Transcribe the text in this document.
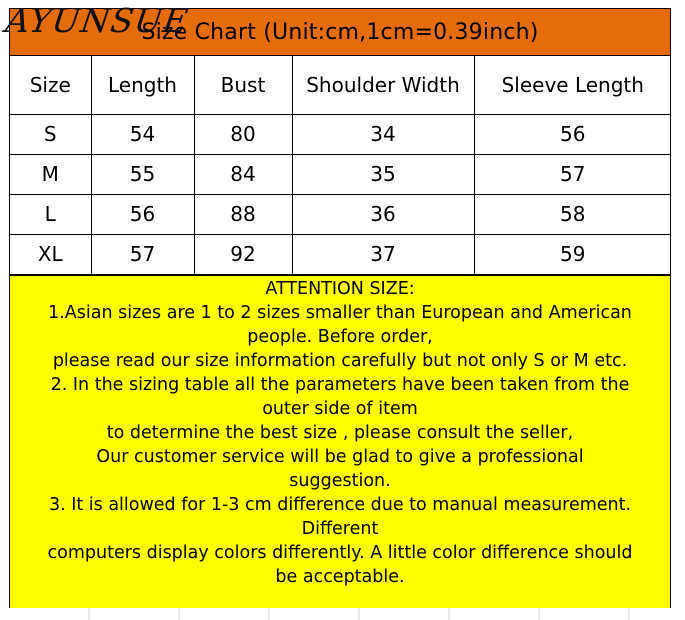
Size Chart (Unit:cm,1cm=0.39inch)
Size	Length	Bust	Shoulder Width	Sleeve Length
S	54	80	34	56
M	55	84	35	57
L	56	88	36	58
XL	57	92	37	59
ATTENTION SIZE:
1.Asian sizes are 1 to 2 sizes smaller than European and American
people. Before order,
please read our size information carefully but not only S or M etc.
2. In the sizing table all the parameters have been taken from the
outer side of item
to determine the best size , please consult the seller,
Our customer service will be glad to give a professional
suggestion.
3. It is allowed for 1-3 cm difference due to manual measurement.
Different
computers display colors differently. A little color difference should
be acceptable.
AYUNSUE
